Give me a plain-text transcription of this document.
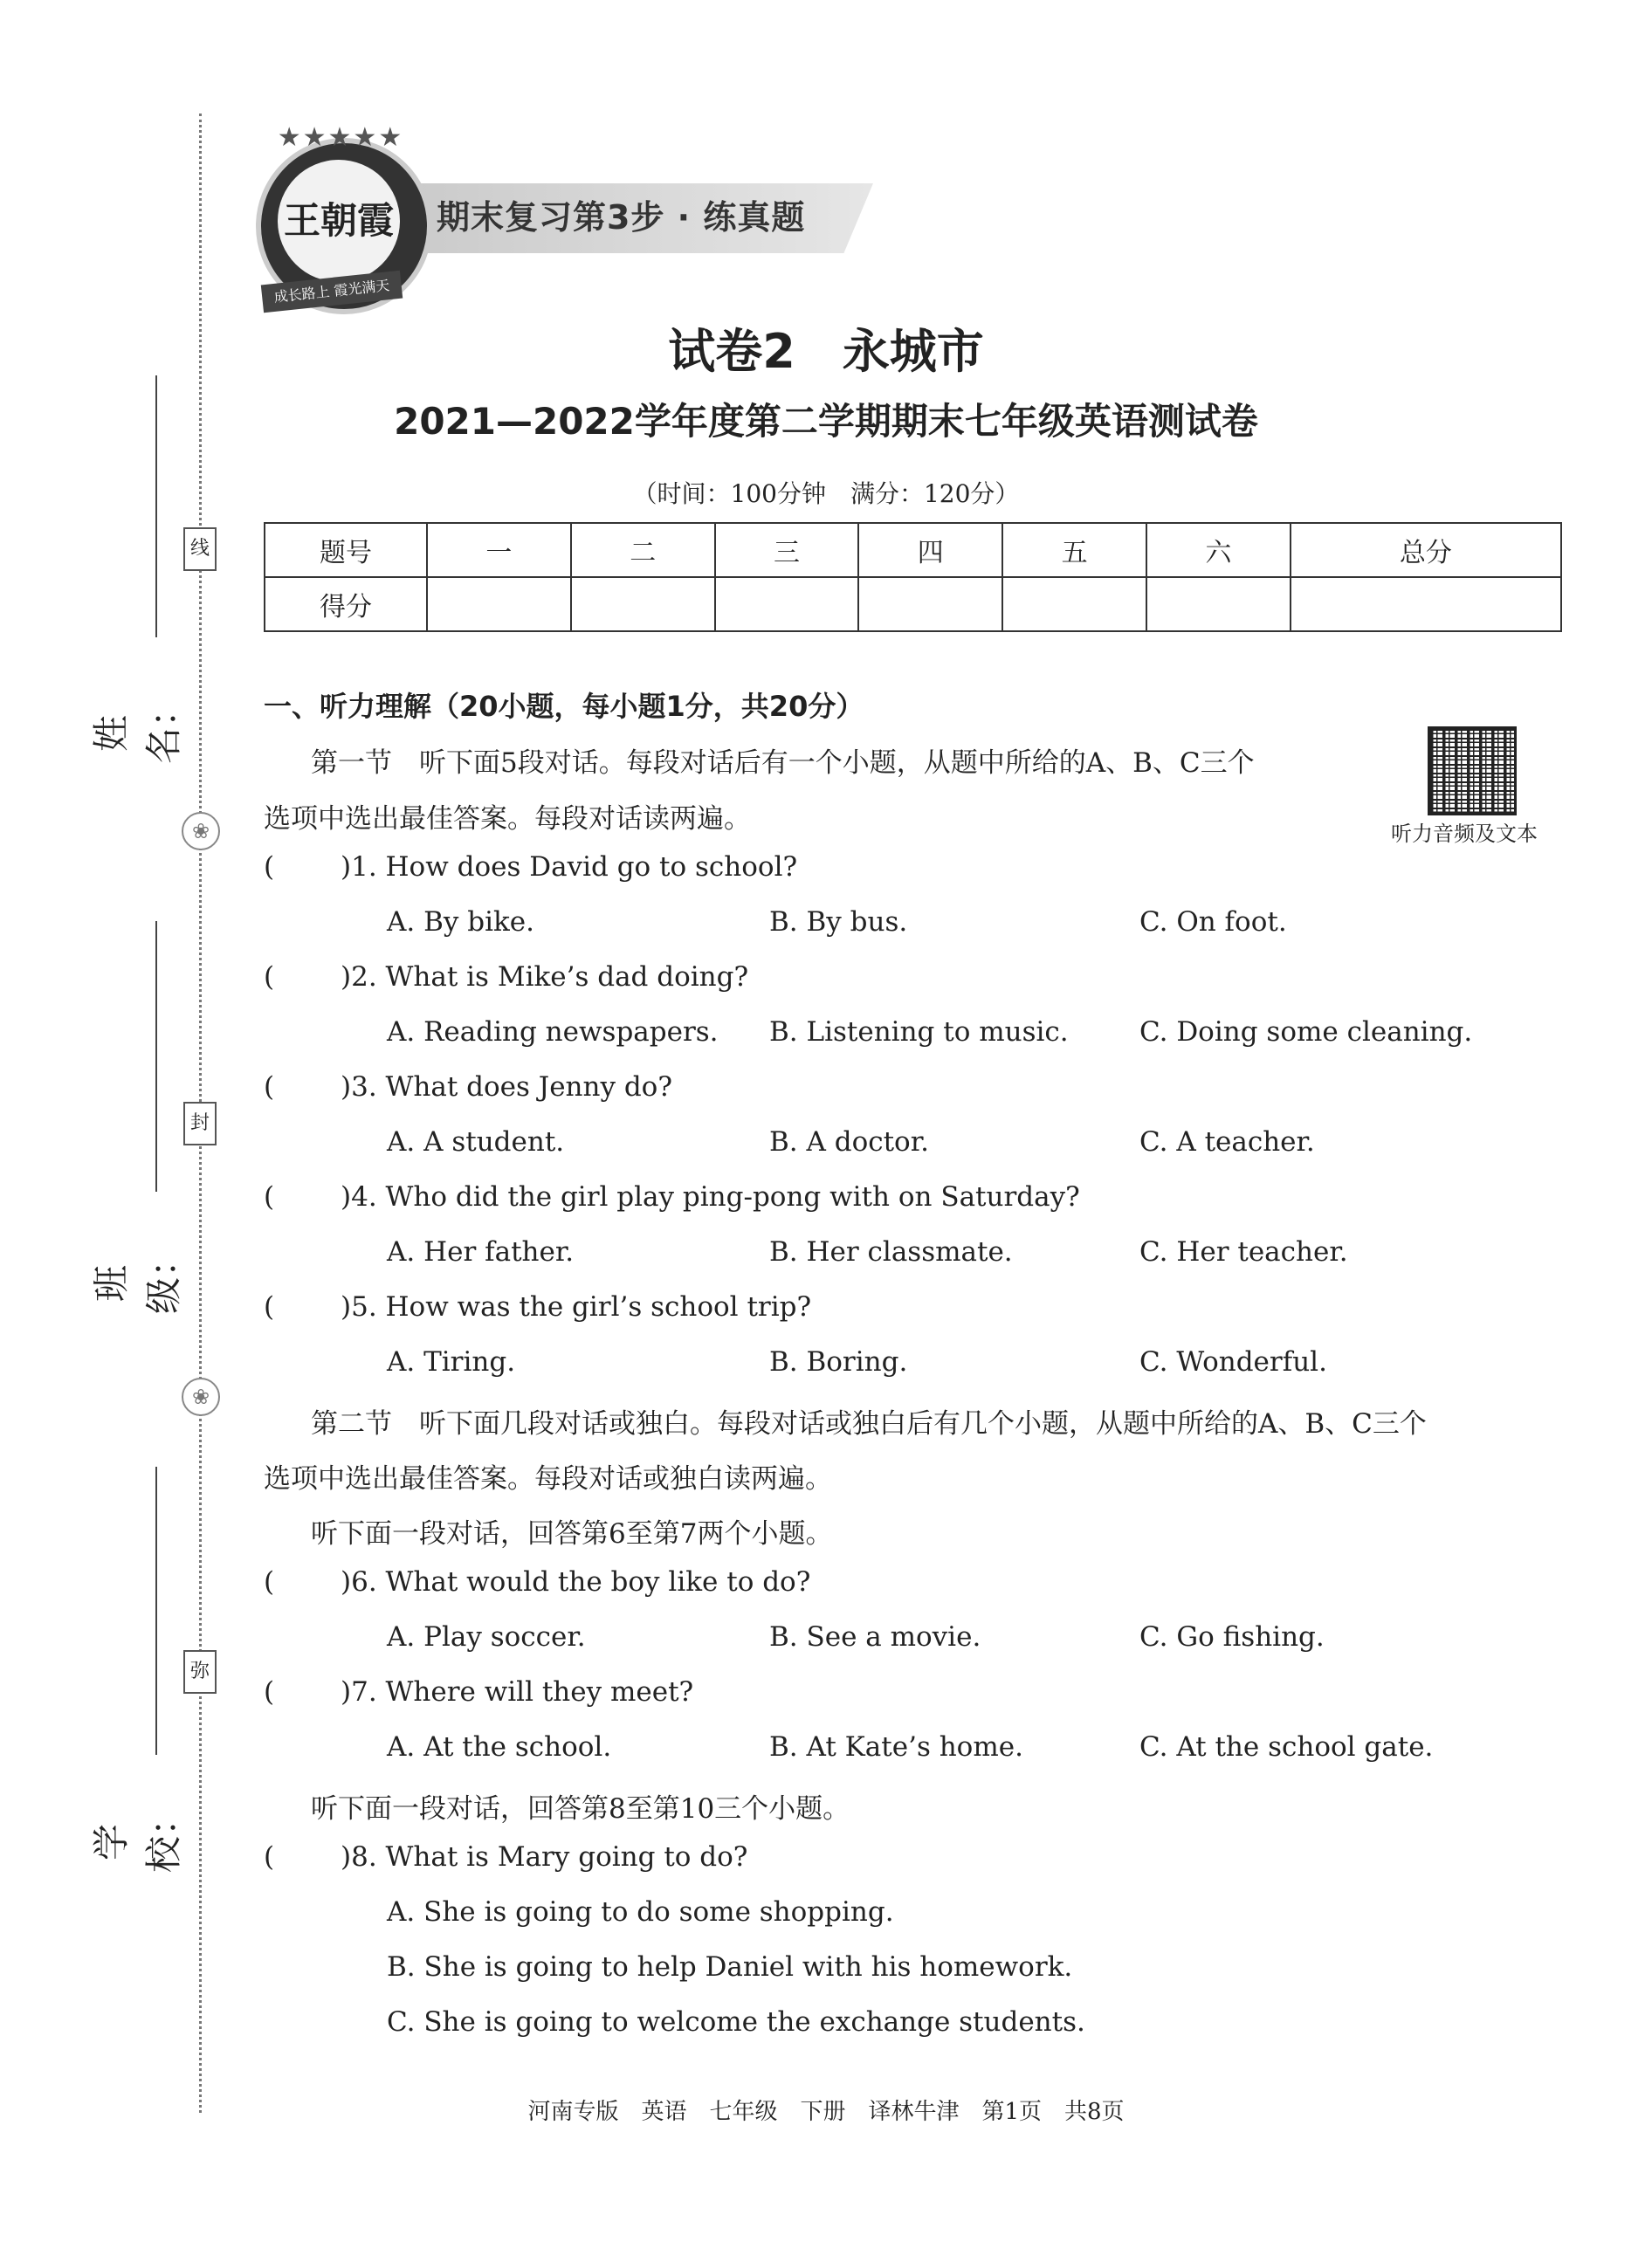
线
封
弥
❀
❀
姓名：
班级：
学校：
期末复习第3步 · 练真题
★★★★★
王朝霞
成长路上 霞光满天
试卷2　永城市
2021—2022学年度第二学期期末七年级英语测试卷
（时间：100分钟　满分：120分）
题号	一	二	三	四	五	六	总分
得分							
一、听力理解（20小题，每小题1分，共20分）
第一节　听下面5段对话。每段对话后有一个小题，从题中所给的A、B、C三个
选项中选出最佳答案。每段对话读两遍。	听力音频及文本
( )1. How does David go to school?
A. By bike.	B. By bus.	C. On foot.
( )2. What is Mike’s dad doing?
A. Reading newspapers. B. Listening to music.	C. Doing some cleaning.
( )3. What does Jenny do?
A. A student.	B. A doctor.	C. A teacher.
( )4. Who did the girl play ping-pong with on Saturday?
A. Her father.	B. Her classmate.	C. Her teacher.
( )5. How was the girl’s school trip?
A. Tiring.	B. Boring.	C. Wonderful.
第二节　听下面几段对话或独白。每段对话或独白后有几个小题，从题中所给的A、B、C三个
选项中选出最佳答案。每段对话或独白读两遍。
听下面一段对话，回答第6至第7两个小题。
( )6. What would the boy like to do?
A. Play soccer.	B. See a movie.	C. Go fishing.
( )7. Where will they meet?
A. At the school.	B. At Kate’s home.	C. At the school gate.
听下面一段对话，回答第8至第10三个小题。
( )8. What is Mary going to do?
A. She is going to do some shopping.
B. She is going to help Daniel with his homework.
C. She is going to welcome the exchange students.
河南专版　英语　七年级　下册　译林牛津　第1页　共8页
